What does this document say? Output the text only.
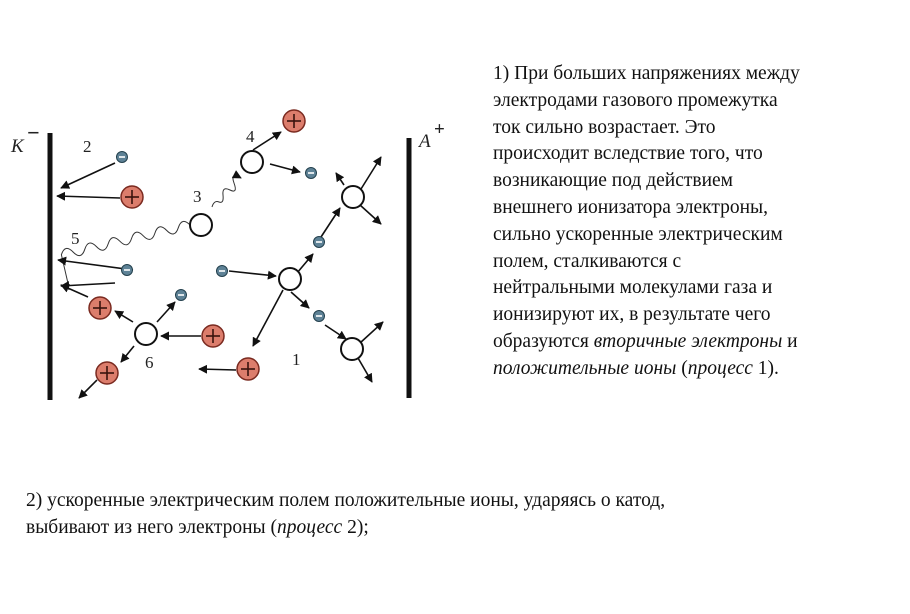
K
−	A
+
2
3
4
5
6	1

1) При больших напряжениях между
электродами газового промежутка
ток сильно возрастает. Это
происходит вследствие того, что
возникающие под действием
внешнего ионизатора электроны,
сильно ускоренные электрическим
полем, сталкиваются с
нейтральными молекулами газа и
ионизируют их, в результате чего
образуются вторичные электроны и
положительные ионы (процесс 1).

2) ускоренные электрическим полем положительные ионы, ударяясь о катод,
выбивают из него электроны (процесс 2);
